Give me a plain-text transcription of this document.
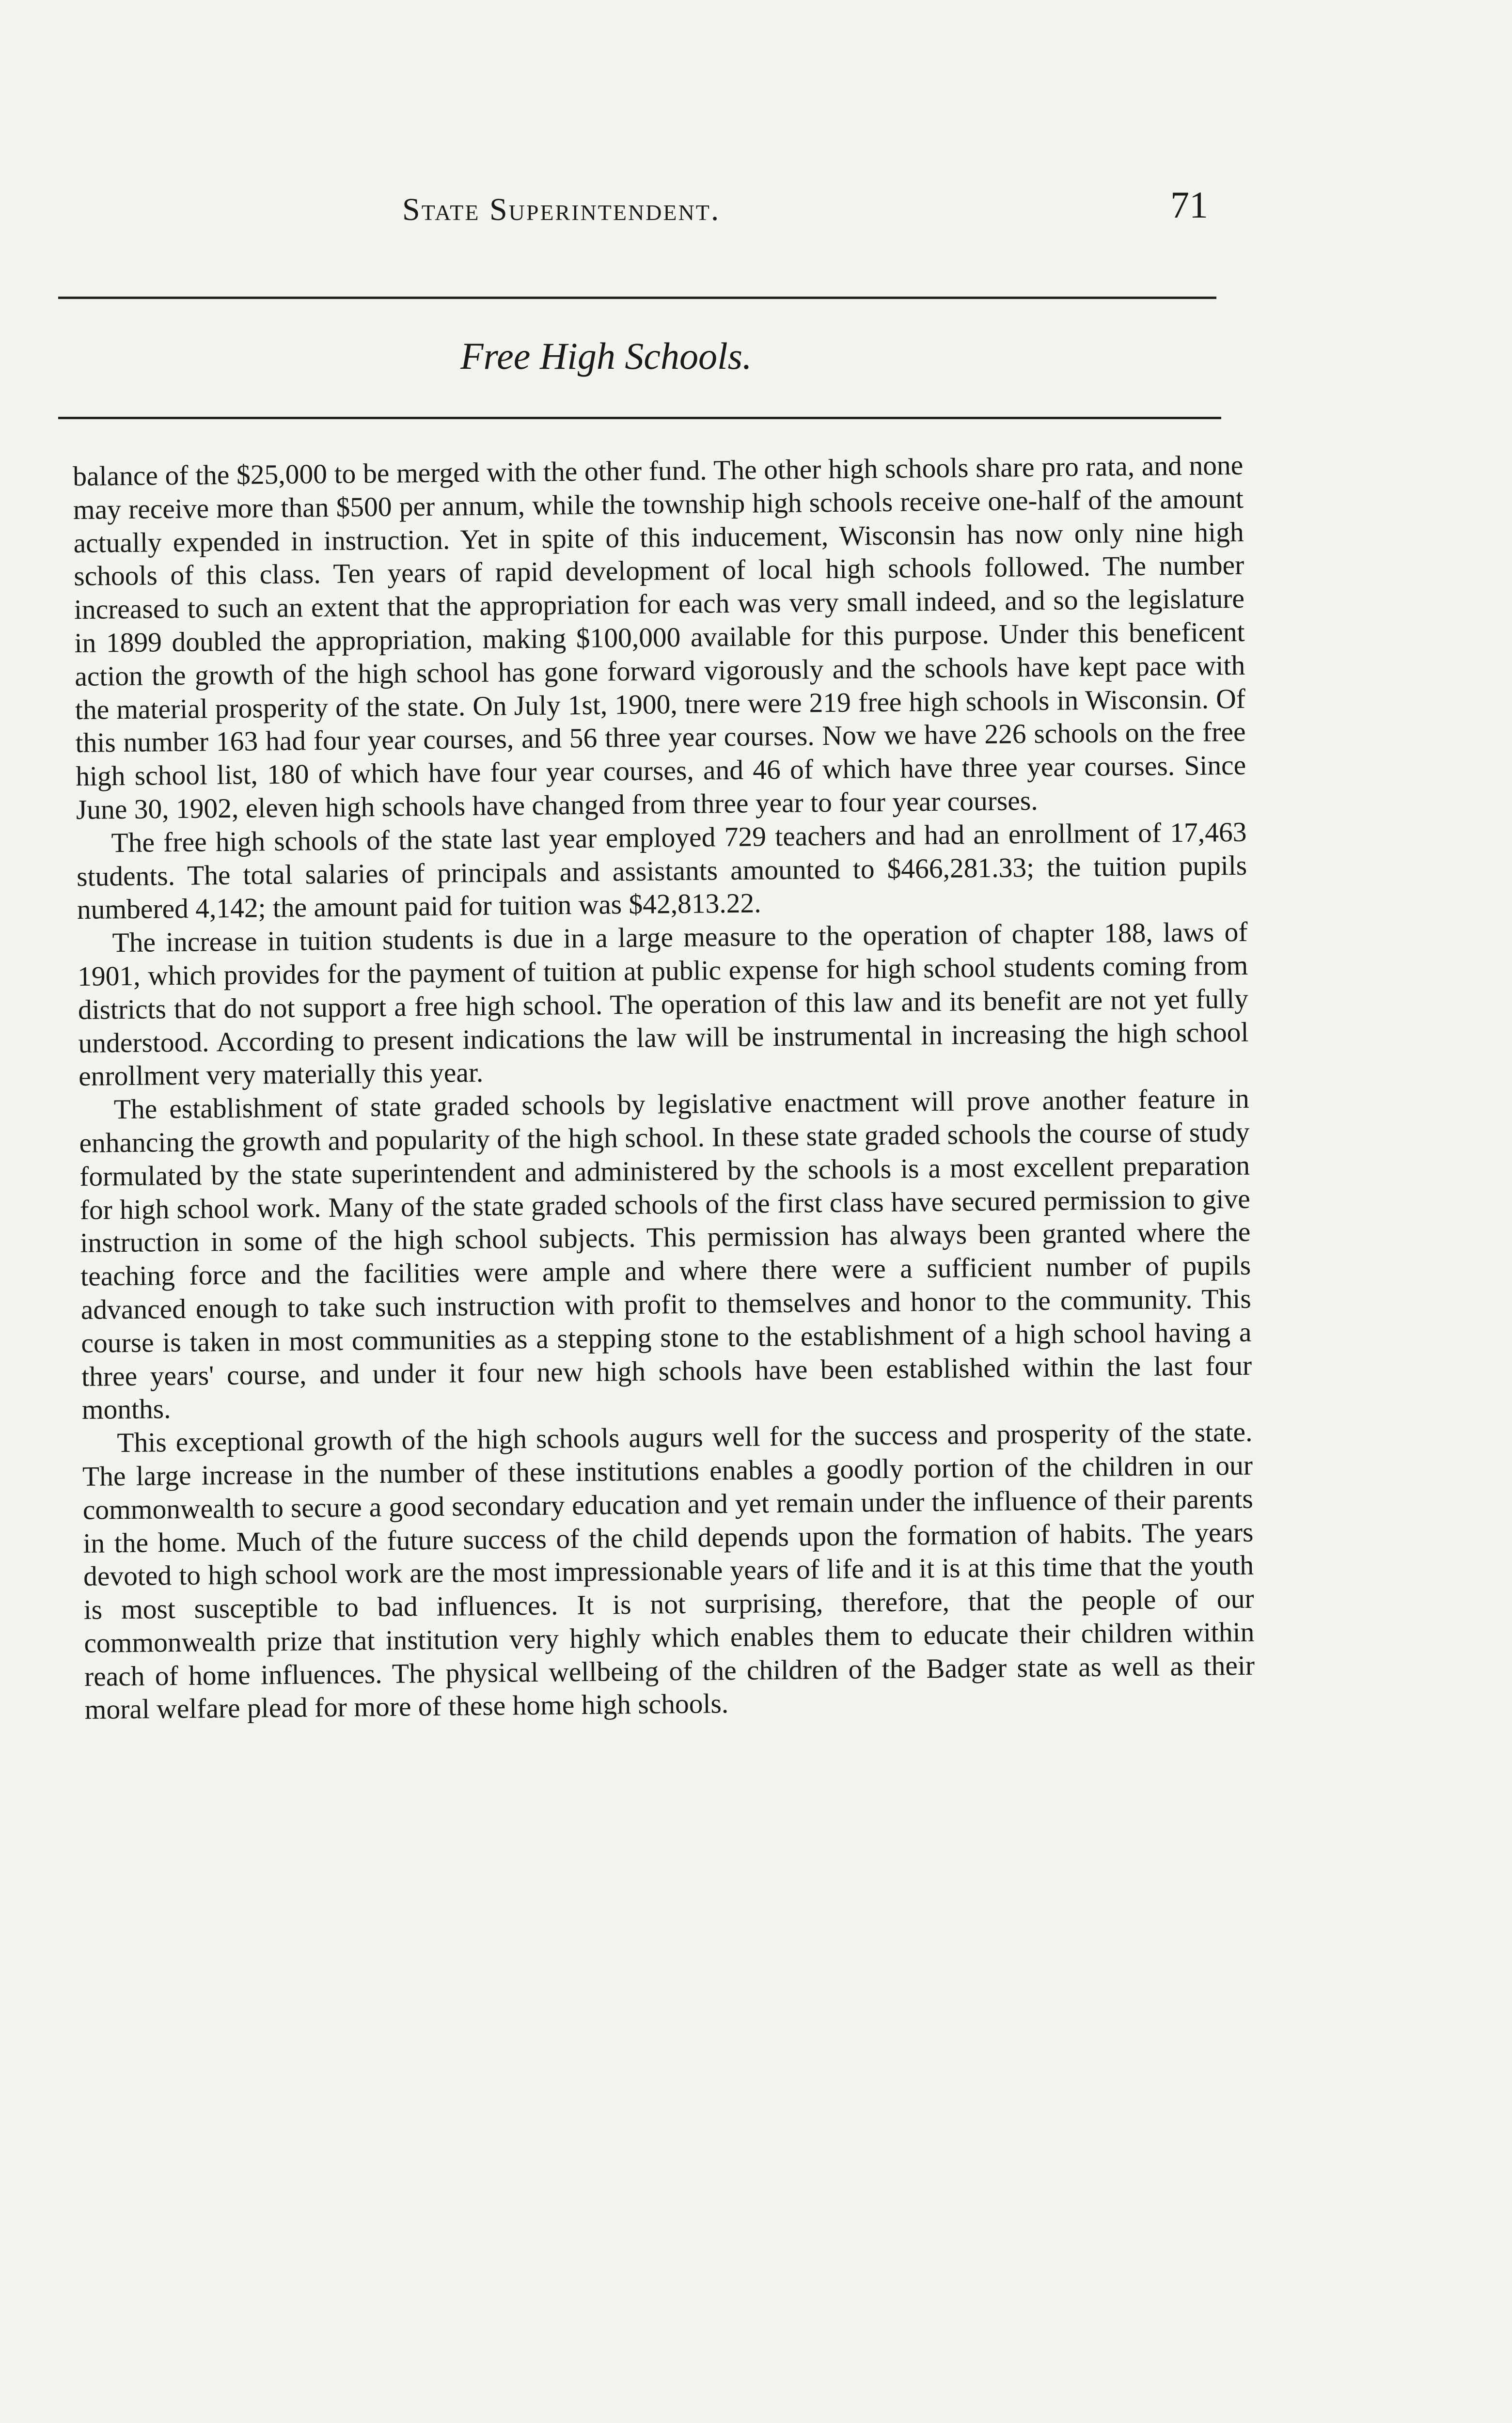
State Superintendent.	71
Free High Schools.

balance of the $25,000 to be merged with the other fund. The other high schools share pro rata, and none may receive more than $500 per annum, while the township high schools receive one-half of the amount actually expended in instruction. Yet in spite of this inducement, Wisconsin has now only nine high schools of this class. Ten years of rapid development of local high schools followed. The number increased to such an extent that the appropriation for each was very small indeed, and so the legislature in 1899 doubled the appropriation, making $100,000 available for this purpose. Under this beneficent action the growth of the high school has gone forward vigorously and the schools have kept pace with the material prosperity of the state. On July 1st, 1900, tnere were 219 free high schools in Wisconsin. Of this number 163 had four year courses, and 56 three year courses. Now we have 226 schools on the free high school list, 180 of which have four year courses, and 46 of which have three year courses. Since June 30, 1902, eleven high schools have changed from three year to four year courses.

The free high schools of the state last year employed 729 teachers and had an enrollment of 17,463 students. The total salaries of principals and assistants amounted to $466,281.33; the tuition pupils numbered 4,142; the amount paid for tuition was $42,813.22.

The increase in tuition students is due in a large measure to the operation of chapter 188, laws of 1901, which provides for the payment of tuition at public expense for high school students coming from districts that do not support a free high school. The operation of this law and its benefit are not yet fully understood. According to present indications the law will be instrumental in increasing the high school enrollment very materially this year.

The establishment of state graded schools by legislative enactment will prove another feature in enhancing the growth and popularity of the high school. In these state graded schools the course of study formulated by the state superintendent and administered by the schools is a most excellent preparation for high school work. Many of the state graded schools of the first class have secured permission to give instruction in some of the high school subjects. This permission has always been granted where the teaching force and the facilities were ample and where there were a sufficient number of pupils advanced enough to take such instruction with profit to themselves and honor to the community. This course is taken in most communities as a stepping stone to the establishment of a high school having a three years' course, and under it four new high schools have been established within the last four months.

This exceptional growth of the high schools augurs well for the success and prosperity of the state. The large increase in the number of these institutions enables a goodly portion of the children in our commonwealth to secure a good secondary education and yet remain under the influence of their parents in the home. Much of the future success of the child depends upon the formation of habits. The years devoted to high school work are the most impressionable years of life and it is at this time that the youth is most susceptible to bad influences. It is not surprising, therefore, that the people of our commonwealth prize that institution very highly which enables them to educate their children within reach of home influences. The physical wellbeing of the children of the Badger state as well as their moral welfare plead for more of these home high schools.
